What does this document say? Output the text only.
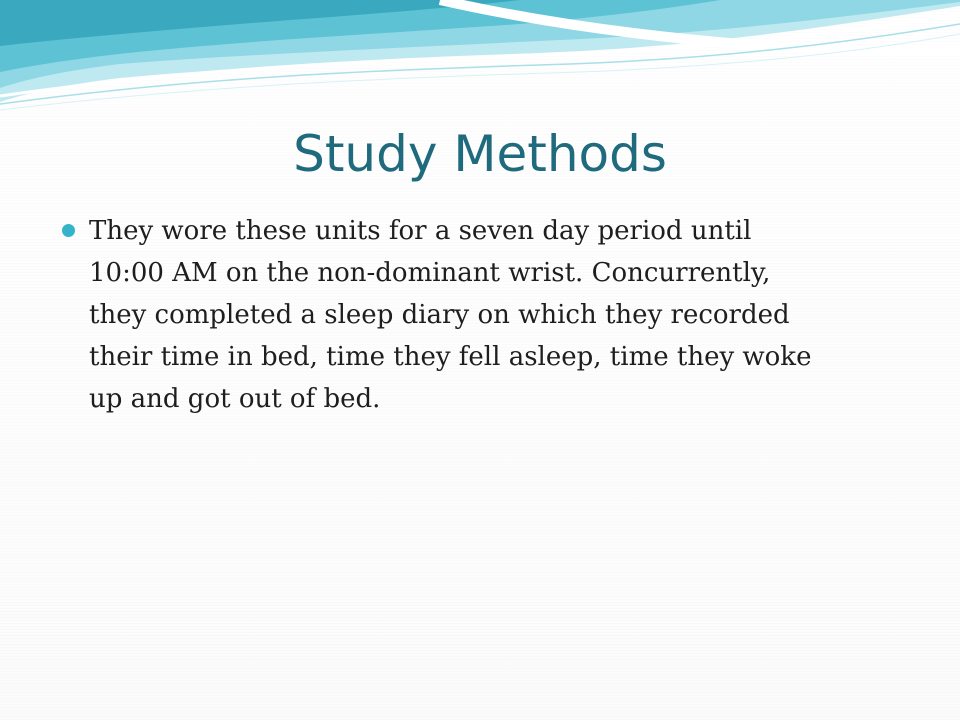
Study Methods
They wore these units for a seven day period until
10:00 AM on the non-dominant wrist. Concurrently,
they completed a sleep diary on which they recorded
their time in bed, time they fell asleep, time they woke
up and got out of bed.
